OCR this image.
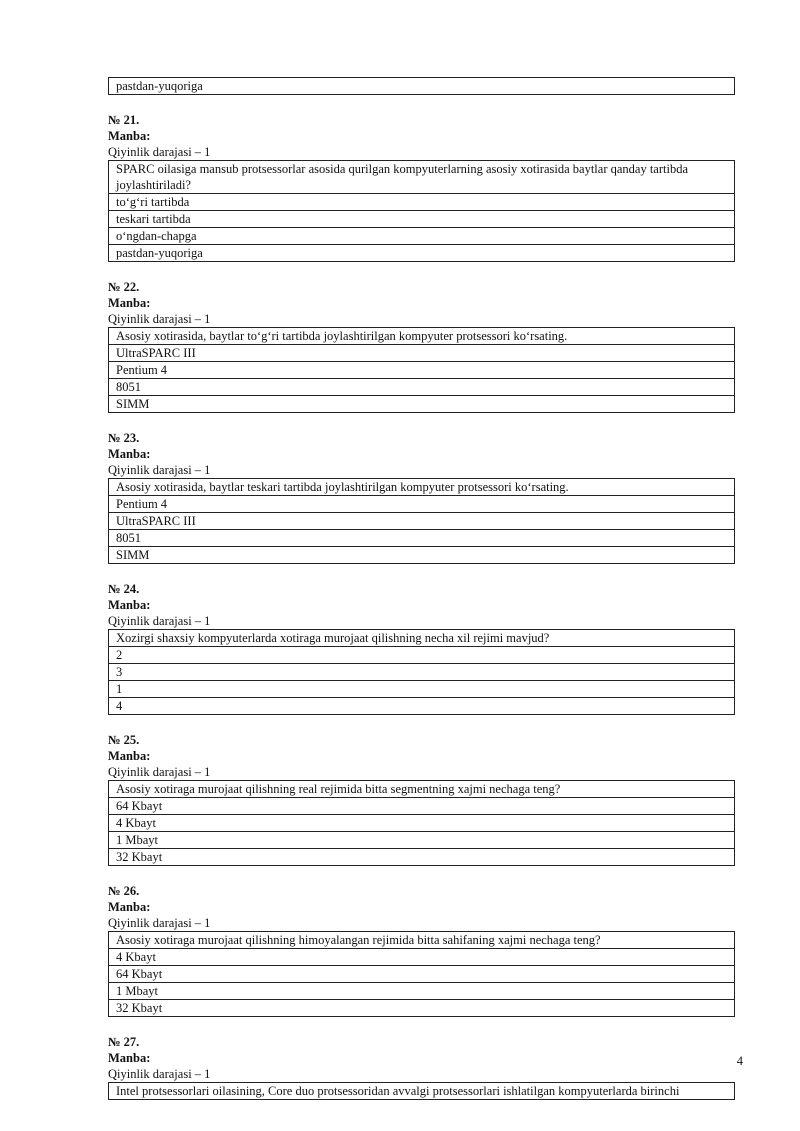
pastdan-yuqoriga
№ 21.
Manba:
Qiyinlik darajasi – 1
SPARC oilasiga mansub protsessorlar asosida qurilgan kompyuterlarning asosiy xotirasida baytlar qanday tartibda joylashtiriladi?
to‘g‘ri tartibda
teskari tartibda
o‘ngdan-chapga
pastdan-yuqoriga
№ 22.
Manba:
Qiyinlik darajasi – 1
Asosiy xotirasida, baytlar to‘g‘ri tartibda joylashtirilgan kompyuter protsessori ko‘rsating.
UltraSPARC III
Pentium 4
8051
SIMM
№ 23.
Manba:
Qiyinlik darajasi – 1
Asosiy xotirasida, baytlar teskari tartibda joylashtirilgan kompyuter protsessori ko‘rsating.
Pentium 4
UltraSPARC III
8051
SIMM
№ 24.
Manba:
Qiyinlik darajasi – 1
Xozirgi shaxsiy kompyuterlarda xotiraga murojaat qilishning necha xil rejimi mavjud?
2
3
1
4
№ 25.
Manba:
Qiyinlik darajasi – 1
Asosiy xotiraga murojaat qilishning real rejimida bitta segmentning xajmi nechaga teng?
64 Kbayt
4 Kbayt
1 Mbayt
32 Kbayt
№ 26.
Manba:
Qiyinlik darajasi – 1
Asosiy xotiraga murojaat qilishning himoyalangan rejimida bitta sahifaning xajmi nechaga teng?
4 Kbayt
64 Kbayt
1 Mbayt
32 Kbayt
№ 27.
Manba:
Qiyinlik darajasi – 1
Intel protsessorlari oilasining, Core duo protsessoridan avvalgi protsessorlari ishlatilgan kompyuterlarda birinchi
4
